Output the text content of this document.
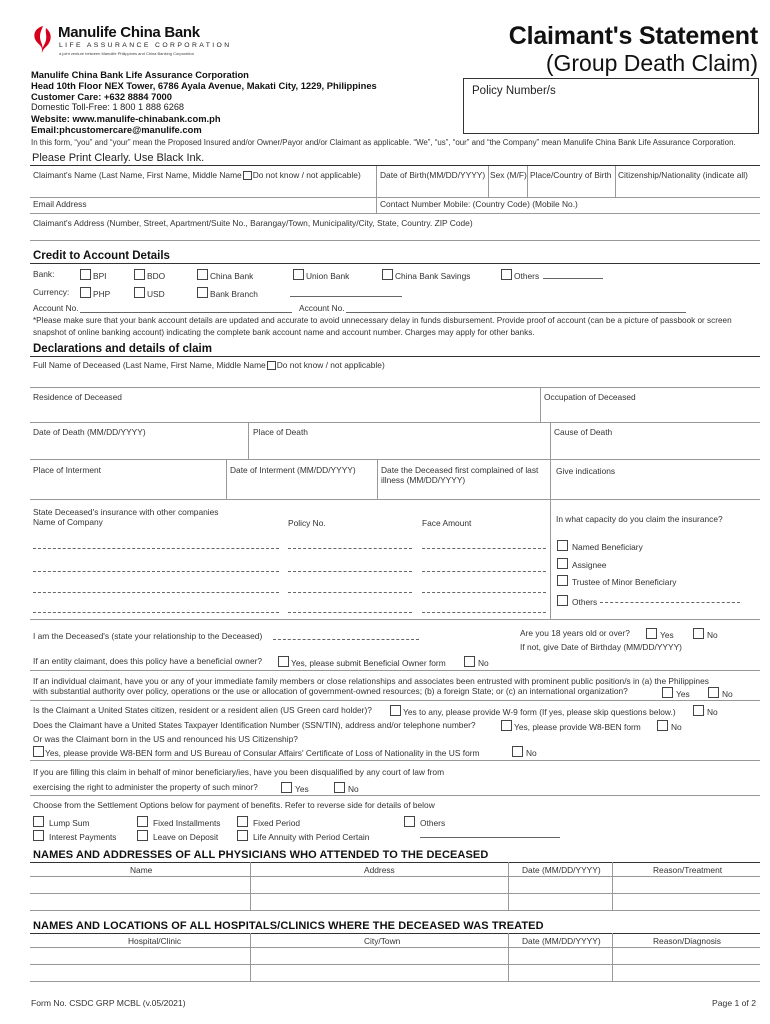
Manulife China Bank
LIFE ASSURANCE CORPORATION
a joint venture between Manulife Philippines and China Banking Corporation
Claimant's Statement
(Group Death Claim)
Policy Number/s
Manulife China Bank Life Assurance Corporation
Head 10th Floor NEX Tower, 6786 Ayala Avenue, Makati City, 1229, Philippines
Customer Care: +632 8884 7000
Domestic Toll-Free: 1 800 1 888 6268
Website: www.manulife-chinabank.com.ph
Email:phcustomercare@manulife.com
In this form, “you” and “your” mean the Proposed Insured and/or Owner/Payor and/or Claimant as applicable. “We”, “us”, “our” and “the Company” mean Manulife China Bank Life Assurance Corporation.
Please Print Clearly. Use Black Ink.
Claimant's Name (Last Name, First Name, Middle Name Do not know / not applicable) Date of Birth(MM/DD/YYYY) Sex (M/F) Place/Country of Birth Citizenship/Nationality (indicate all)
Email Address	Contact Number Mobile: (Country Code) (Mobile No.)
Claimant's Address (Number, Street, Apartment/Suite No., Barangay/Town, Municipality/City, State, Country. ZIP Code)
Credit to Account Details
Bank:	BPI	BDO	China Bank	Union Bank	China Bank Savings	Others
Currency:	PHP	USD	Bank Branch
Account No.	Account No.
*Please make sure that your bank account details are updated and accurate to avoid unnecessary delay in funds disbursement. Provide proof of account (can be a picture of passbook or screen snapshot of online banking account) indicating the complete bank account name and account number. Charges may apply for other banks.
Declarations and details of claim
Full Name of Deceased (Last Name, First Name, Middle Name Do not know / not applicable)
Residence of Deceased	Occupation of Deceased
Date of Death (MM/DD/YYYY)	Place of Death	Cause of Death
Place of Interment	Date of Interment (MM/DD/YYYY)	Date the Deceased first complained of last illness (MM/DD/YYYY)
Give indications
State Deceased's insurance with other companies
Name of Company	Policy No.	Face Amount	In what capacity do you claim the insurance?
Named Beneficiary
Assignee
Trustee of Minor Beneficiary
Others
I am the Deceased's (state your relationship to the Deceased)	Are you 18 years old or over?	Yes	No
If not, give Date of Birthday (MM/DD/YYYY)
If an entity claimant, does this policy have a beneficial owner?	Yes, please submit Beneficial Owner form	No
If an individual claimant, have you or any of your immediate family members or close relationships and associates been entrusted with prominent public position/s in (a) the Philippines
with substantial authority over policy, operations or the use or allocation of government-owned resources; (b) a foreign State; or (c) an international organization?	Yes	No
Is the Claimant a United States citizen, resident or a resident alien (US Green card holder)?	Yes to any, please provide W-9 form (If yes, please skip questions below.)	No
Does the Claimant have a United States Taxpayer Identification Number (SSN/TIN), address and/or telephone number?	Yes, please provide W8-BEN form	No
Or was the Claimant born in the US and renounced his US Citizenship?
Yes, please provide W8-BEN form and US Bureau of Consular Affairs' Certificate of Loss of Nationality in the US form	No
If you are filling this claim in behalf of minor beneficiary/ies, have you been disqualified by any court of law from
exercising the right to administer the property of such minor?	Yes	No
Choose from the Settlement Options below for payment of benefits. Refer to reverse side for details of below
Lump Sum	Fixed Installments	Fixed Period	Others
Interest Payments	Leave on Deposit	Life Annuity with Period Certain
NAMES AND ADDRESSES OF ALL PHYSICIANS WHO ATTENDED TO THE DECEASED
Name	Address	Date (MM/DD/YYYY)	Reason/Treatment
NAMES AND LOCATIONS OF ALL HOSPITALS/CLINICS WHERE THE DECEASED WAS TREATED
Hospital/Clinic	City/Town	Date (MM/DD/YYYY)	Reason/Diagnosis
Form No. CSDC GRP MCBL (v.05/2021)	Page 1 of 2
